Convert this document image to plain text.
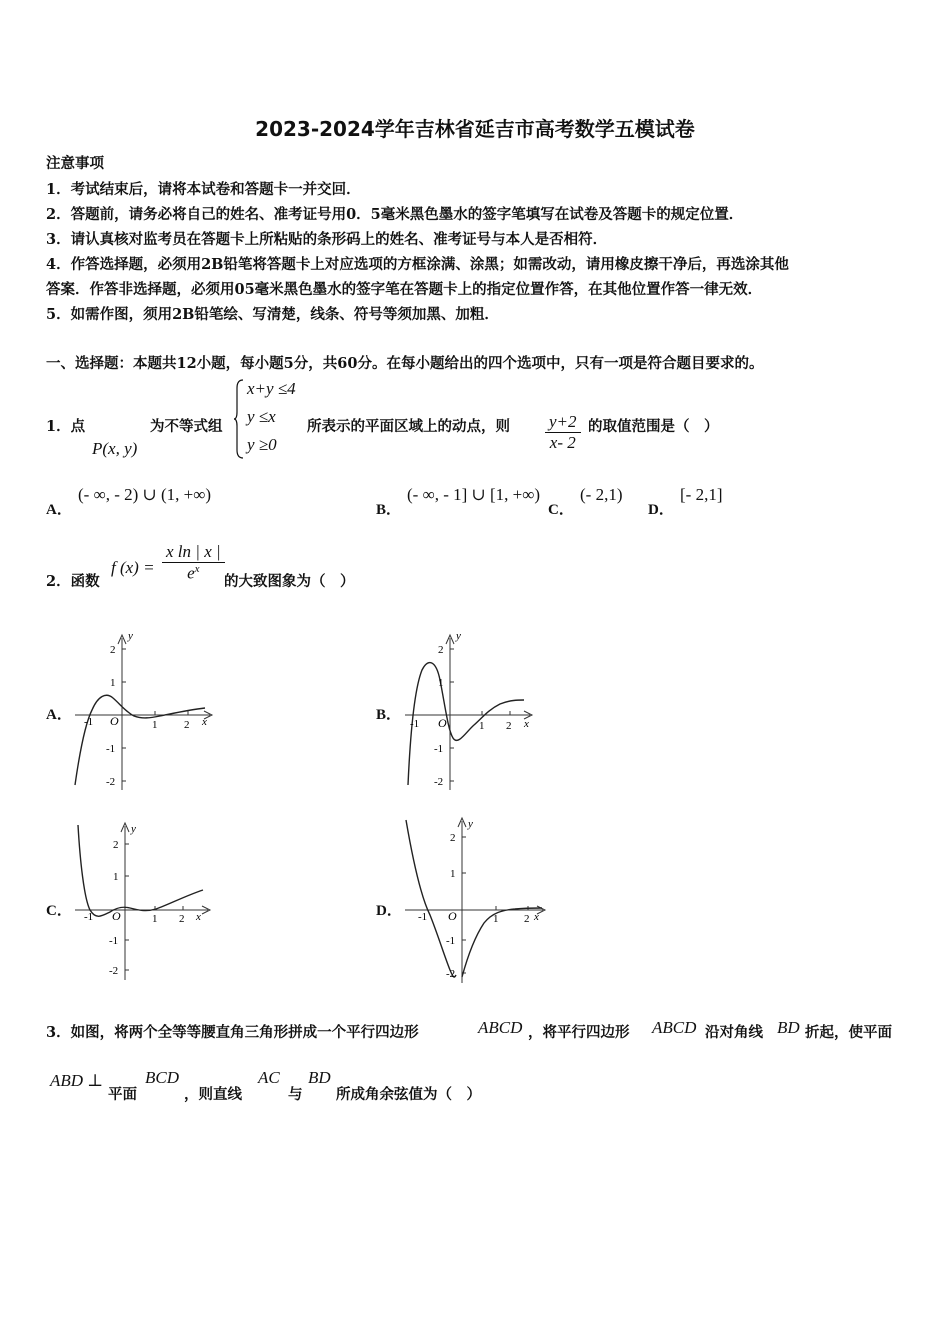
2023-2024学年吉林省延吉市高考数学五模试卷
注意事项
1．考试结束后，请将本试卷和答题卡一并交回．
2．答题前，请务必将自己的姓名、准考证号用0．5毫米黑色墨水的签字笔填写在试卷及答题卡的规定位置．
3．请认真核对监考员在答题卡上所粘贴的条形码上的姓名、准考证号与本人是否相符．
4．作答选择题，必须用2B铅笔将答题卡上对应选项的方框涂满、涂黑；如需改动，请用橡皮擦干净后，再选涂其他
答案．作答非选择题，必须用05毫米黑色墨水的签字笔在答题卡上的指定位置作答，在其他位置作答一律无效．
5．如需作图，须用2B铅笔绘、写清楚，线条、符号等须加黑、加粗．
一、选择题：本题共12小题，每小题5分，共60分。在每小题给出的四个选项中，只有一项是符合题目要求的。
1．点
P(x, y)
为不等式组
x+y ≤4
y ≤x
y ≥0
所表示的平面区域上的动点，则 $\frac{y+2}{x- 2}$ 的取值范围是（　）
A．
(- ∞, - 2) ∪ (1, +∞)
B．
(- ∞, - 1] ∪ [1, +∞)
C．
(- 2,1)
D．
[- 2,1]
2．函数
f $(x) = \frac{\text{x ln | x |}}{e^x}$ 的大致图象为（　）
A．	B．
C．	D．
y
x
O
2
1
-1
-2
-1	1 2
y
x
O
2
1
-1
-2
-1	1 2
y
x
O
2
1
-1
-2
-1	1 2
y
x
O
2
1
-1
-2
-1	1 2
3．如图，将两个全等等腰直角三角形拼成一个平行四边形	ABCD ，将平行四边形 ABCD 沿对角线 BD 折起，使平面
ABD ⊥
平面
BCD
，则直线
AC
与
BD
所成角余弦值为（　）
